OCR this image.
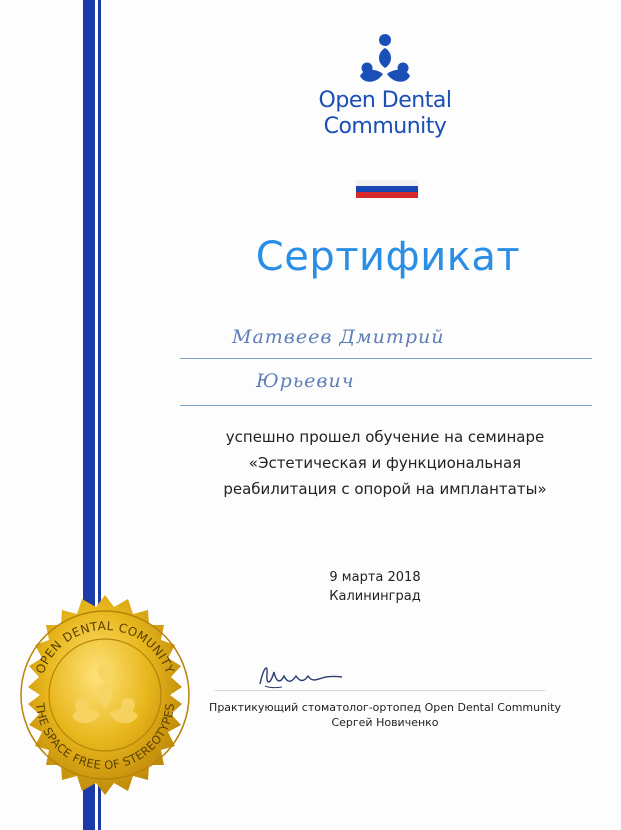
Open Dental
Community
Сертификат
Матвеев Дмитрий
Юрьевич
успешно прошел обучение на семинаре
«Эстетическая и функциональная
реабилитация с опорой на имплантаты»
9 марта 2018
Калининград
Практикующий стоматолог-ортопед Open Dental Community
Сергей Новиченко
OPEN DENTAL COMUNITY
THE SPACE FREE OF STEREOTYPES
